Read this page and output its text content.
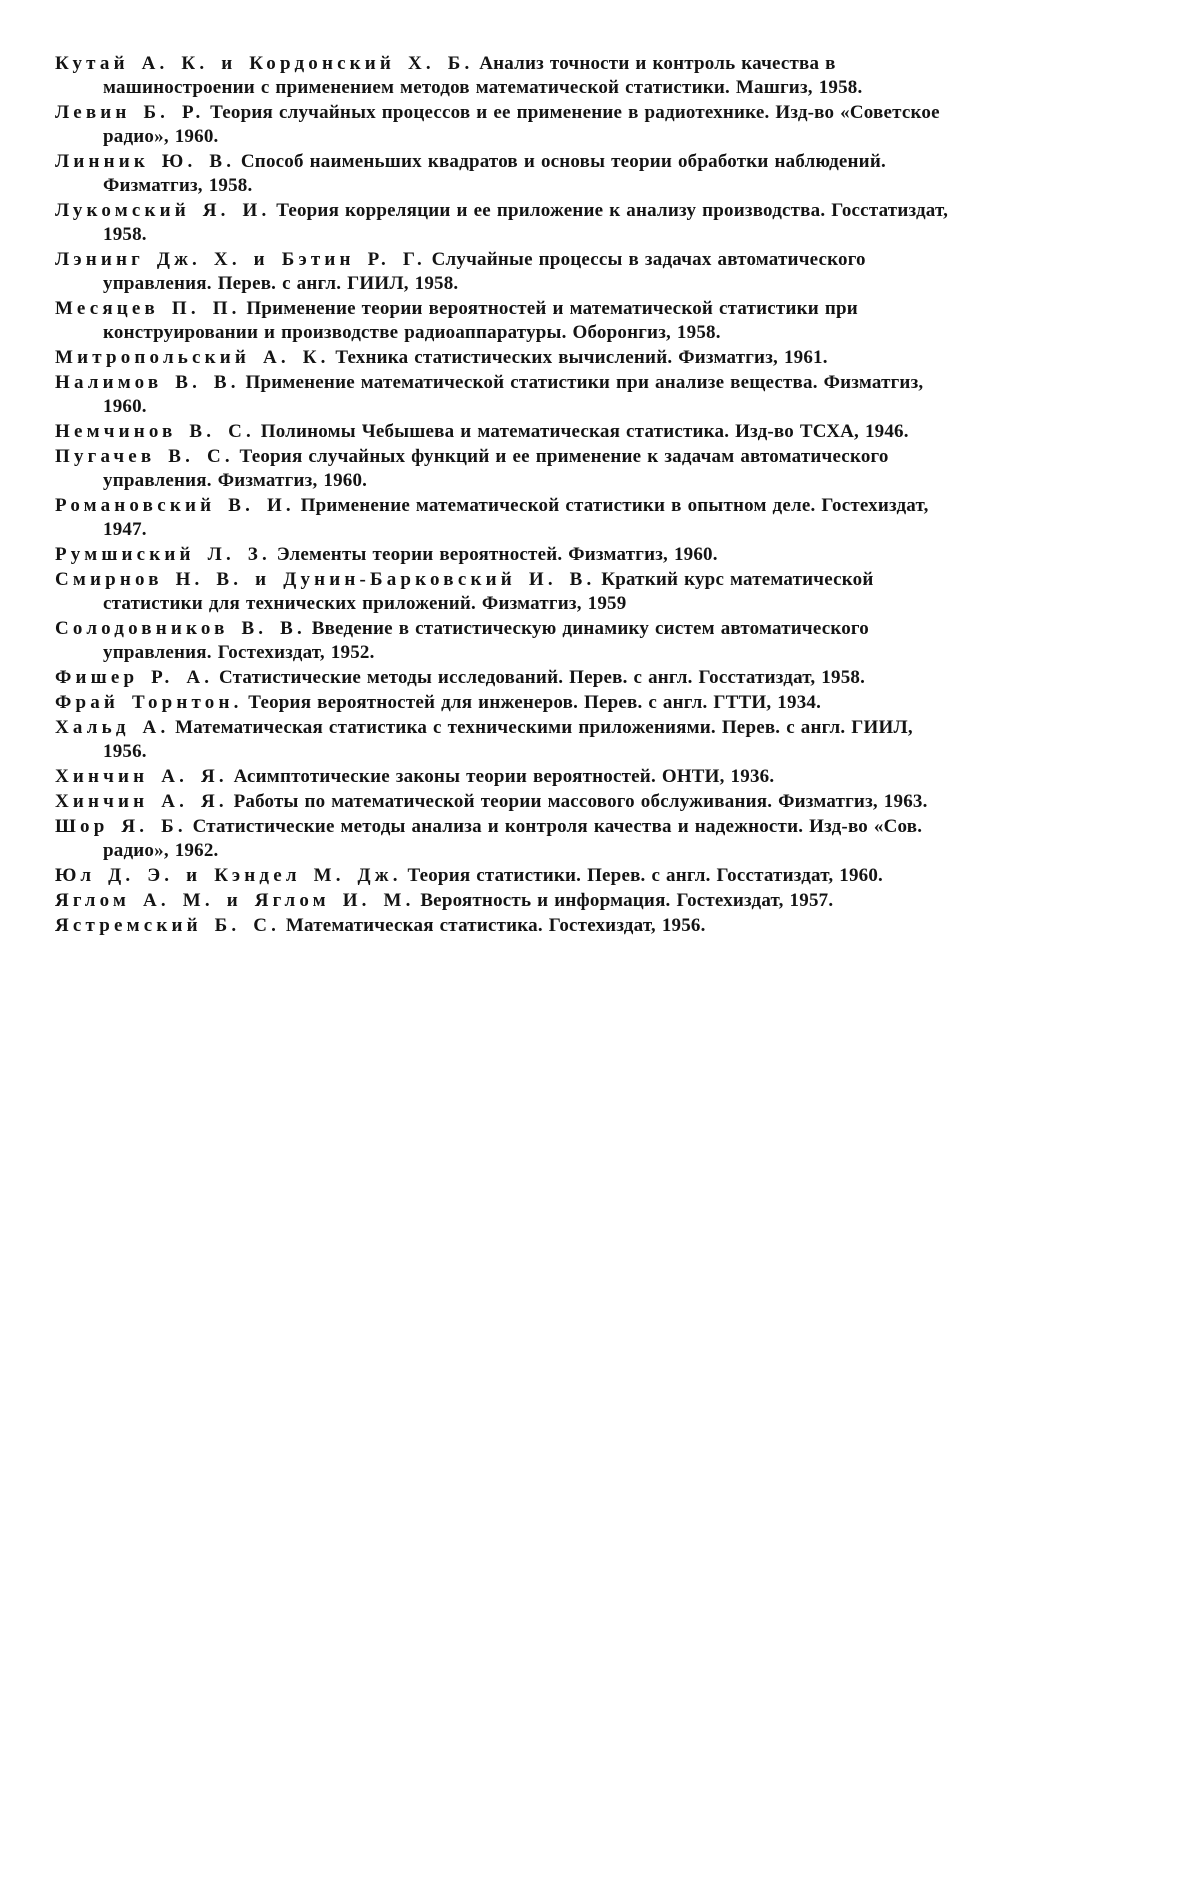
Кутай А. К. и Кордонский Х. Б. Анализ точности и контроль качества в машиностроении с применением методов математической статистики. Машгиз, 1958.
Левин Б. Р. Теория случайных процессов и ее применение в радиотехнике. Изд-во «Советское радио», 1960.
Линник Ю. В. Способ наименьших квадратов и основы теории обработки наблюдений. Физматгиз, 1958.
Лукомский Я. И. Теория корреляции и ее приложение к анализу производства. Госстатиздат, 1958.
Лэнинг Дж. Х. и Бэтин Р. Г. Случайные процессы в задачах автоматического управления. Перев. с англ. ГИИЛ, 1958.
Месяцев П. П. Применение теории вероятностей и математической статистики при конструировании и производстве радиоаппаратуры. Оборонгиз, 1958.
Митропольский А. К. Техника статистических вычислений. Физматгиз, 1961.
Налимов В. В. Применение математической статистики при анализе вещества. Физматгиз, 1960.
Немчинов В. С. Полиномы Чебышева и математическая статистика. Изд-во ТСХА, 1946.
Пугачев В. С. Теория случайных функций и ее применение к задачам автоматического управления. Физматгиз, 1960.
Романовский В. И. Применение математической статистики в опытном деле. Гостехиздат, 1947.
Румшиский Л. З. Элементы теории вероятностей. Физматгиз, 1960.
Смирнов Н. В. и Дунин-Барковский И. В. Краткий курс математической статистики для технических приложений. Физматгиз, 1959
Солодовников В. В. Введение в статистическую динамику систем автоматического управления. Гостехиздат, 1952.
Фишер Р. А. Статистические методы исследований. Перев. с англ. Госстатиздат, 1958.
Фрай Торнтон. Теория вероятностей для инженеров. Перев. с англ. ГТТИ, 1934.
Хальд А. Математическая статистика с техническими приложениями. Перев. с англ. ГИИЛ, 1956.
Хинчин А. Я. Асимптотические законы теории вероятностей. ОНТИ, 1936.
Хинчин А. Я. Работы по математической теории массового обслуживания. Физматгиз, 1963.
Шор Я. Б. Статистические методы анализа и контроля качества и надежности. Изд-во «Сов. радио», 1962.
Юл Д. Э. и Кэндел М. Дж. Теория статистики. Перев. с англ. Госстатиздат, 1960.
Яглом А. М. и Яглом И. М. Вероятность и информация. Гостехиздат, 1957.
Ястремский Б. С. Математическая статистика. Гостехиздат, 1956.
